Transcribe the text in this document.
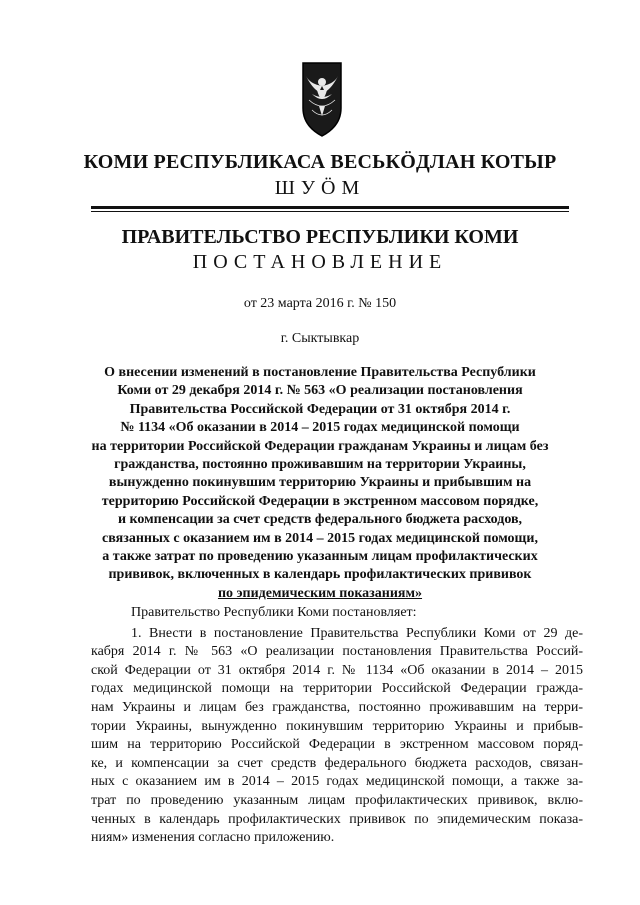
КОМИ РЕСПУБЛИКАСА ВЕСЬКÖДЛАН КОТЫР
ШУÖМ
ПРАВИТЕЛЬСТВО РЕСПУБЛИКИ КОМИ
ПОСТАНОВЛЕНИЕ
от 23 марта 2016 г. № 150
г. Сыктывкар
О внесении изменений в постановление Правительства Республики
Коми от 29 декабря 2014 г. № 563 «О реализации постановления
Правительства Российской Федерации от 31 октября 2014 г.
№ 1134 «Об оказании в 2014 – 2015 годах медицинской помощи
на территории Российской Федерации гражданам Украины и лицам без
гражданства, постоянно проживавшим на территории Украины,
вынужденно покинувшим территорию Украины и прибывшим на
территорию Российской Федерации в экстренном массовом порядке,
и компенсации за счет средств федерального бюджета расходов,
связанных с оказанием им в 2014 – 2015 годах медицинской помощи,
а также затрат по проведению указанным лицам профилактических
прививок, включенных в календарь профилактических прививок
по эпидемическим показаниям»

Правительство Республики Коми постановляет:

1. Внести в постановление Правительства Республики Коми от 29 де-

кабря 2014 г. № 563 «О реализации постановления Правительства Россий-

ской Федерации от 31 октября 2014 г. № 1134 «Об оказании в 2014 – 2015

годах медицинской помощи на территории Российской Федерации гражда-

нам Украины и лицам без гражданства, постоянно проживавшим на терри-

тории Украины, вынужденно покинувшим территорию Украины и прибыв-

шим на территорию Российской Федерации в экстренном массовом поряд-

ке, и компенсации за счет средств федерального бюджета расходов, связан-

ных с оказанием им в 2014 – 2015 годах медицинской помощи, а также за-

трат по проведению указанным лицам профилактических прививок, вклю-

ченных в календарь профилактических прививок по эпидемическим показа-

ниям» изменения согласно приложению.
